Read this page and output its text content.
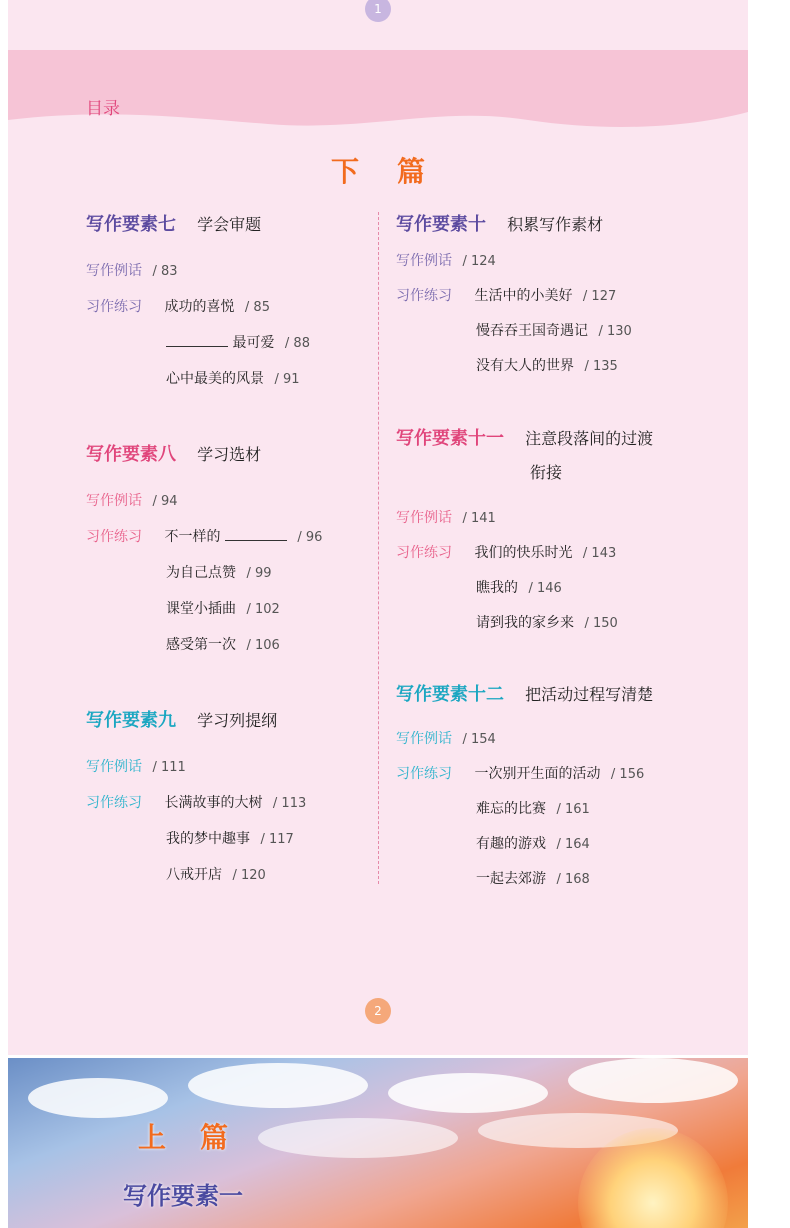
1
目录
下篇
写作要素七 学会审题
写作例话 / 83
习作练习 成功的喜悦 / 85
最可爱 / 88
心中最美的风景 / 91
写作要素八 学习选材
写作例话 / 94
习作练习 不一样的	/ 96
为自己点赞 / 99
课堂小插曲 / 102
感受第一次 / 106
写作要素九 学习列提纲
写作例话 / 111
习作练习 长满故事的大树 / 113
我的梦中趣事 / 117
八戒开店 / 120
写作要素十 积累写作素材
写作例话 / 124
习作练习 生活中的小美好 / 127
慢吞吞王国奇遇记 / 130
没有大人的世界 / 135
写作要素十一 注意段落间的过渡
衔接
写作例话 / 141
习作练习 我们的快乐时光 / 143
瞧我的 / 146
请到我的家乡来 / 150
写作要素十二 把活动过程写清楚
写作例话 / 154
习作练习 一次别开生面的活动 / 156
难忘的比赛 / 161
有趣的游戏 / 164
一起去郊游 / 168
2
上篇
写作要素一
